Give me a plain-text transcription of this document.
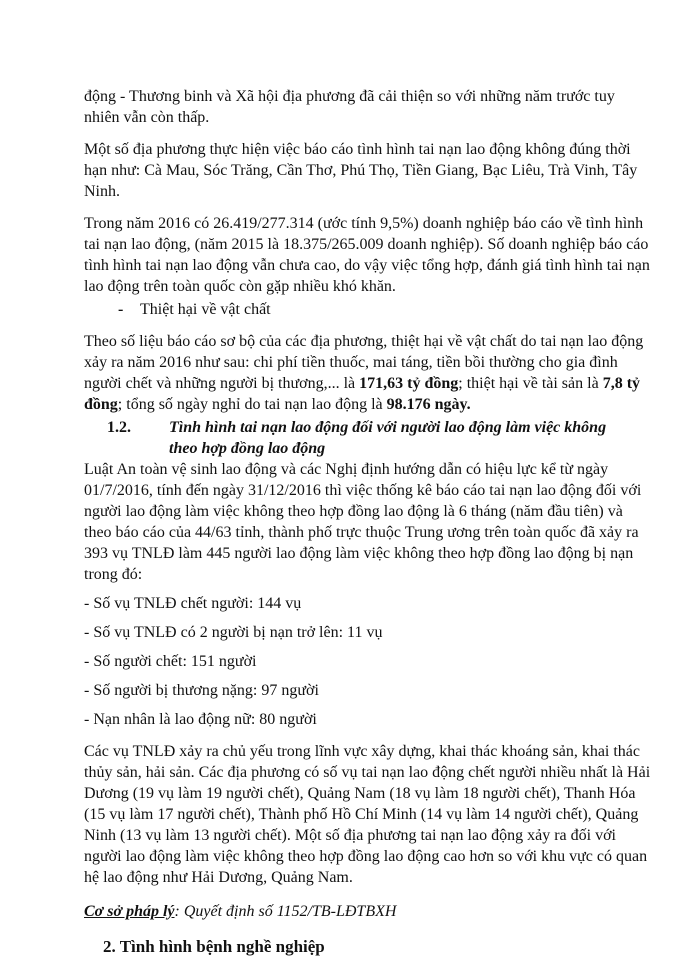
động - Thương binh và Xã hội địa phương đã cải thiện so với những năm trước tuy nhiên vẫn còn thấp.

Một số địa phương thực hiện việc báo cáo tình hình tai nạn lao động không đúng thời hạn như: Cà Mau, Sóc Trăng, Cần Thơ, Phú Thọ, Tiền Giang, Bạc Liêu, Trà Vinh, Tây Ninh.

Trong năm 2016 có 26.419/277.314 (ước tính 9,5%) doanh nghiệp báo cáo về tình hình tai nạn lao động, (năm 2015 là 18.375/265.009 doanh nghiệp). Số doanh nghiệp báo cáo tình hình tai nạn lao động vẫn chưa cao, do vậy việc tổng hợp, đánh giá tình hình tai nạn lao động trên toàn quốc còn gặp nhiều khó khăn.

-	Thiệt hại về vật chất

Theo số liệu báo cáo sơ bộ của các địa phương, thiệt hại về vật chất do tai nạn lao động xảy ra năm 2016 như sau: chi phí tiền thuốc, mai táng, tiền bồi thường cho gia đình người chết và những người bị thương,... là 171,63 tỷ đồng; thiệt hại về tài sản là 7,8 tỷ đồng; tổng số ngày nghỉ do tai nạn lao động là 98.176 ngày.

1.2.	Tình hình tai nạn lao động đối với người lao động làm việc không
theo hợp đồng lao động

Luật An toàn vệ sinh lao động và các Nghị định hướng dẫn có hiệu lực kể từ ngày 01/7/2016, tính đến ngày 31/12/2016 thì việc thống kê báo cáo tai nạn lao động đối với người lao động làm việc không theo hợp đồng lao động là 6 tháng (năm đầu tiên) và theo báo cáo của 44/63 tỉnh, thành phố trực thuộc Trung ương trên toàn quốc đã xảy ra 393 vụ TNLĐ làm 445 người lao động làm việc không theo hợp đồng lao động bị nạn trong đó:

- Số vụ TNLĐ chết người: 144 vụ

- Số vụ TNLĐ có 2 người bị nạn trở lên: 11 vụ

- Số người chết: 151 người

- Số người bị thương nặng: 97 người

- Nạn nhân là lao động nữ: 80 người

Các vụ TNLĐ xảy ra chủ yếu trong lĩnh vực xây dựng, khai thác khoáng sản, khai thác thủy sản, hải sản. Các địa phương có số vụ tai nạn lao động chết người nhiều nhất là Hải Dương (19 vụ làm 19 người chết), Quảng Nam (18 vụ làm 18 người chết), Thanh Hóa (15 vụ làm 17 người chết), Thành phố Hồ Chí Minh (14 vụ làm 14 người chết), Quảng Ninh (13 vụ làm 13 người chết). Một số địa phương tai nạn lao động xảy ra đối với người lao động làm việc không theo hợp đồng lao động cao hơn so với khu vực có quan hệ lao động như Hải Dương, Quảng Nam.

Cơ sở pháp lý: Quyết định số 1152/TB-LĐTBXH

2. Tình hình bệnh nghề nghiệp
